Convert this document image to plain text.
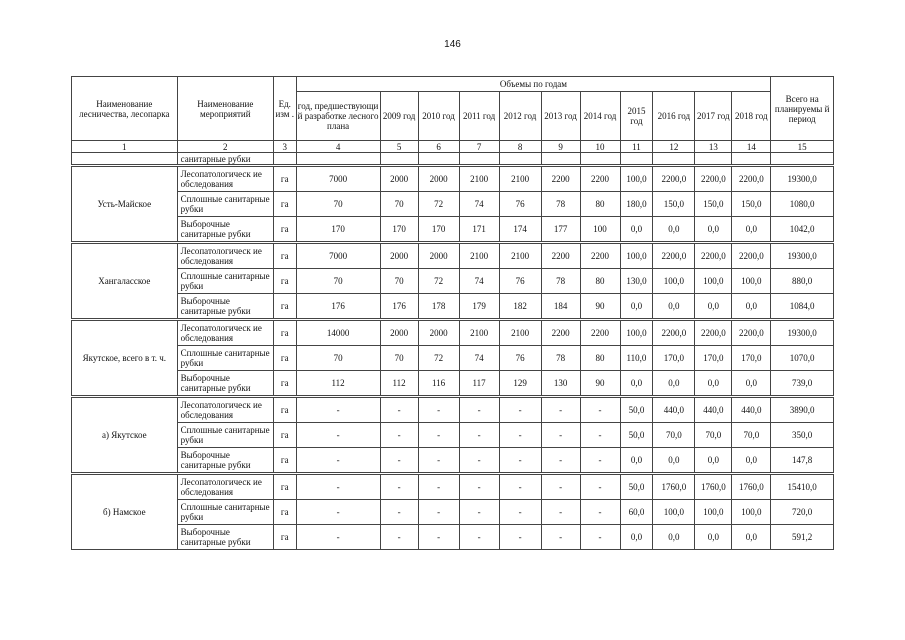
146
Наименование лесничества, лесопарка	Наименование мероприятий	Ед. изм .	Объемы по годам											Всего на планируемы й период
			год, предшествующи й разработке лесного плана	2009 год	2010 год	2011 год	2012 год	2013 год	2014 год	2015 год	2016 год	2017 год	2018 год	
1	2	3	4	5	6	7	8	9	10	11	12	13	14	15
	санитарные рубки													
Усть-Майское	Лесопатологическ ие обследования	га	7000	2000	2000	2100	2100	2200	2200	100,0	2200,0	2200,0	2200,0	19300,0
	Сплошные санитарные рубки	га	70	70	72	74	76	78	80	180,0	150,0	150,0	150,0	1080,0
	Выборочные санитарные рубки	га	170	170	170	171	174	177	100	0,0	0,0	0,0	0,0	1042,0
Хангаласское	Лесопатологическ ие обследования	га	7000	2000	2000	2100	2100	2200	2200	100,0	2200,0	2200,0	2200,0	19300,0
	Сплошные санитарные рубки	га	70	70	72	74	76	78	80	130,0	100,0	100,0	100,0	880,0
	Выборочные санитарные рубки	га	176	176	178	179	182	184	90	0,0	0,0	0,0	0,0	1084,0
Якутское, всего в т. ч.	Лесопатологическ ие обследования	га	14000	2000	2000	2100	2100	2200	2200	100,0	2200,0	2200,0	2200,0	19300,0
	Сплошные санитарные рубки	га	70	70	72	74	76	78	80	110,0	170,0	170,0	170,0	1070,0
	Выборочные санитарные рубки	га	112	112	116	117	129	130	90	0,0	0,0	0,0	0,0	739,0
а) Якутское	Лесопатологическ ие обследования	га	-	-	-	-	-	-	-	50,0	440,0	440,0	440,0	3890,0
	Сплошные санитарные рубки	га	-	-	-	-	-	-	-	50,0	70,0	70,0	70,0	350,0
	Выборочные санитарные рубки	га	-	-	-	-	-	-	-	0,0	0,0	0,0	0,0	147,8
б) Намское	Лесопатологическ ие обследования	га	-	-	-	-	-	-	-	50,0	1760,0	1760,0	1760,0	15410,0
	Сплошные санитарные рубки	га	-	-	-	-	-	-	-	60,0	100,0	100,0	100,0	720,0
	Выборочные санитарные рубки	га	-	-	-	-	-	-	-	0,0	0,0	0,0	0,0	591,2
